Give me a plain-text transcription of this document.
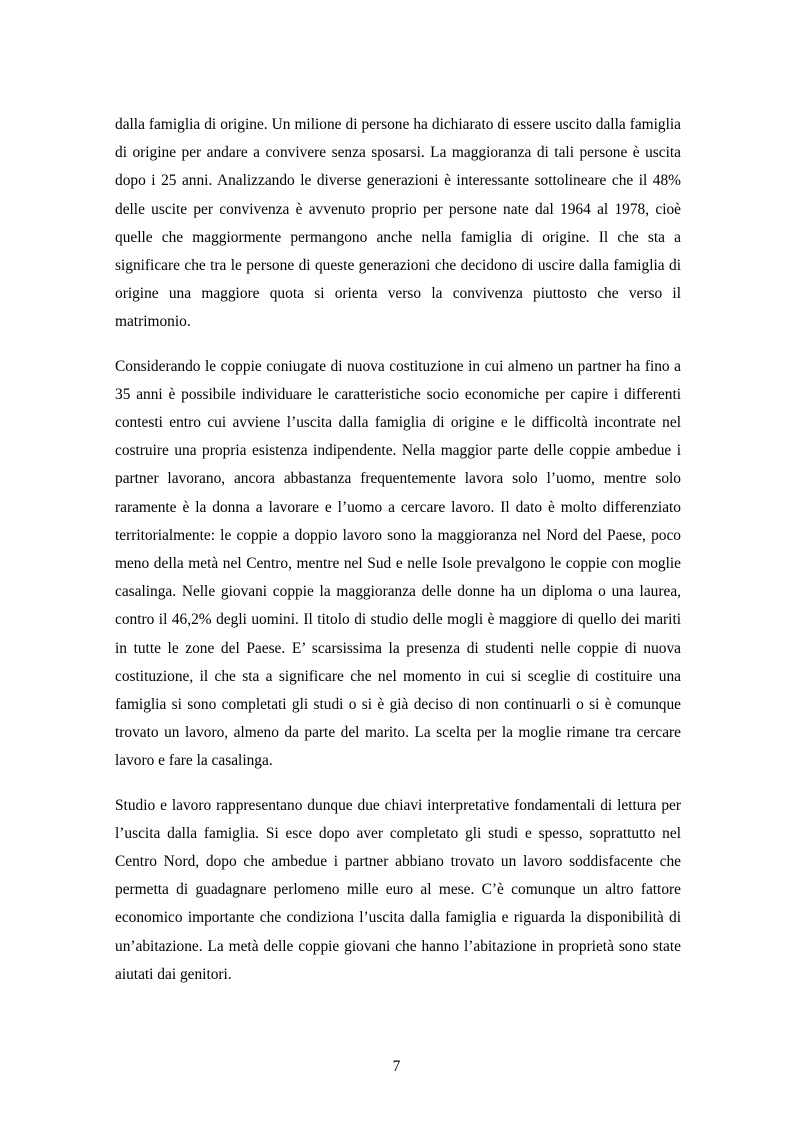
dalla famiglia di origine. Un milione di persone ha dichiarato di essere uscito dalla famiglia di origine per andare a convivere senza sposarsi. La maggioranza di tali persone è uscita dopo i 25 anni. Analizzando le diverse generazioni è interessante sottolineare che il 48% delle uscite per convivenza è avvenuto proprio per persone nate dal 1964 al 1978, cioè quelle che maggiormente permangono anche nella famiglia di origine. Il che sta a significare che tra le persone di queste generazioni che decidono di uscire dalla famiglia di origine una maggiore quota si orienta verso la convivenza piuttosto che verso il matrimonio.

Considerando le coppie coniugate di nuova costituzione in cui almeno un partner ha fino a 35 anni è possibile individuare le caratteristiche socio economiche per capire i differenti contesti entro cui avviene l’uscita dalla famiglia di origine e le difficoltà incontrate nel costruire una propria esistenza indipendente. Nella maggior parte delle coppie ambedue i partner lavorano, ancora abbastanza frequentemente lavora solo l’uomo, mentre solo raramente è la donna a lavorare e l’uomo a cercare lavoro. Il dato è molto differenziato territorialmente: le coppie a doppio lavoro sono la maggioranza nel Nord del Paese, poco meno della metà nel Centro, mentre nel Sud e nelle Isole prevalgono le coppie con moglie casalinga. Nelle giovani coppie la maggioranza delle donne ha un diploma o una laurea, contro il 46,2% degli uomini. Il titolo di studio delle mogli è maggiore di quello dei mariti in tutte le zone del Paese. E’ scarsissima la presenza di studenti nelle coppie di nuova costituzione, il che sta a significare che nel momento in cui si sceglie di costituire una famiglia si sono completati gli studi o si è già deciso di non continuarli o si è comunque trovato un lavoro, almeno da parte del marito. La scelta per la moglie rimane tra cercare lavoro e fare la casalinga.

Studio e lavoro rappresentano dunque due chiavi interpretative fondamentali di lettura per l’uscita dalla famiglia. Si esce dopo aver completato gli studi e spesso, soprattutto nel Centro Nord, dopo che ambedue i partner abbiano trovato un lavoro soddisfacente che permetta di guadagnare perlomeno mille euro al mese. C’è comunque un altro fattore economico importante che condiziona l’uscita dalla famiglia e riguarda la disponibilità di un’abitazione. La metà delle coppie giovani che hanno l’abitazione in proprietà sono state aiutati dai genitori.

7
